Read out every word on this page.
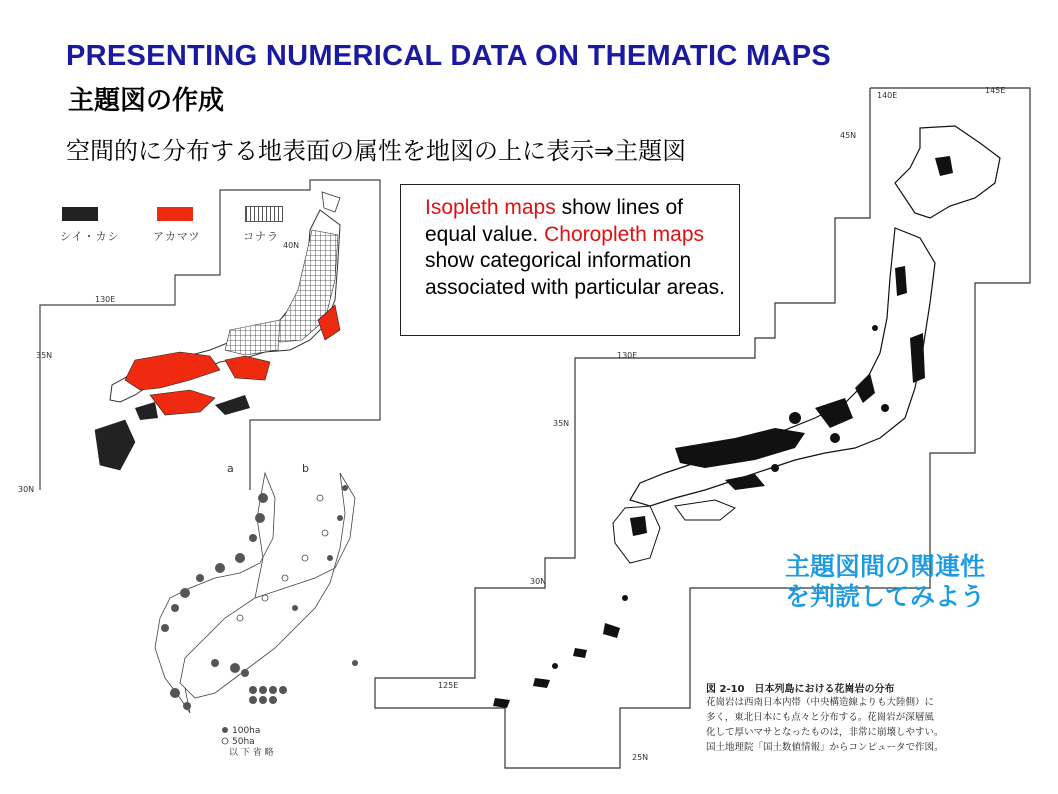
PRESENTING NUMERICAL DATA ON THEMATIC MAPS
主題図の作成
空間的に分布する地表面の属性を地図の上に表示⇒主題図
40N
130E
35N
30N
シイ・カシ	アカマツ	コナラ
Isopleth maps show lines of equal value. Choropleth maps show categorical information associated with particular areas.
a	b
100ha
50ha
以 下 省 略
140E
145E
45N
130E
35N
30N
125E
25N
主題図間の関連性
を判読してみよう
図 2-10　日本列島における花崗岩の分布
花崗岩は西南日本内帯（中央構造線よりも大陸側）に
多く，東北日本にも点々と分布する。花崗岩が深層風
化して厚いマサとなったものは，非常に崩壊しやすい。
国土地理院「国土数値情報」からコンピュータで作図。
